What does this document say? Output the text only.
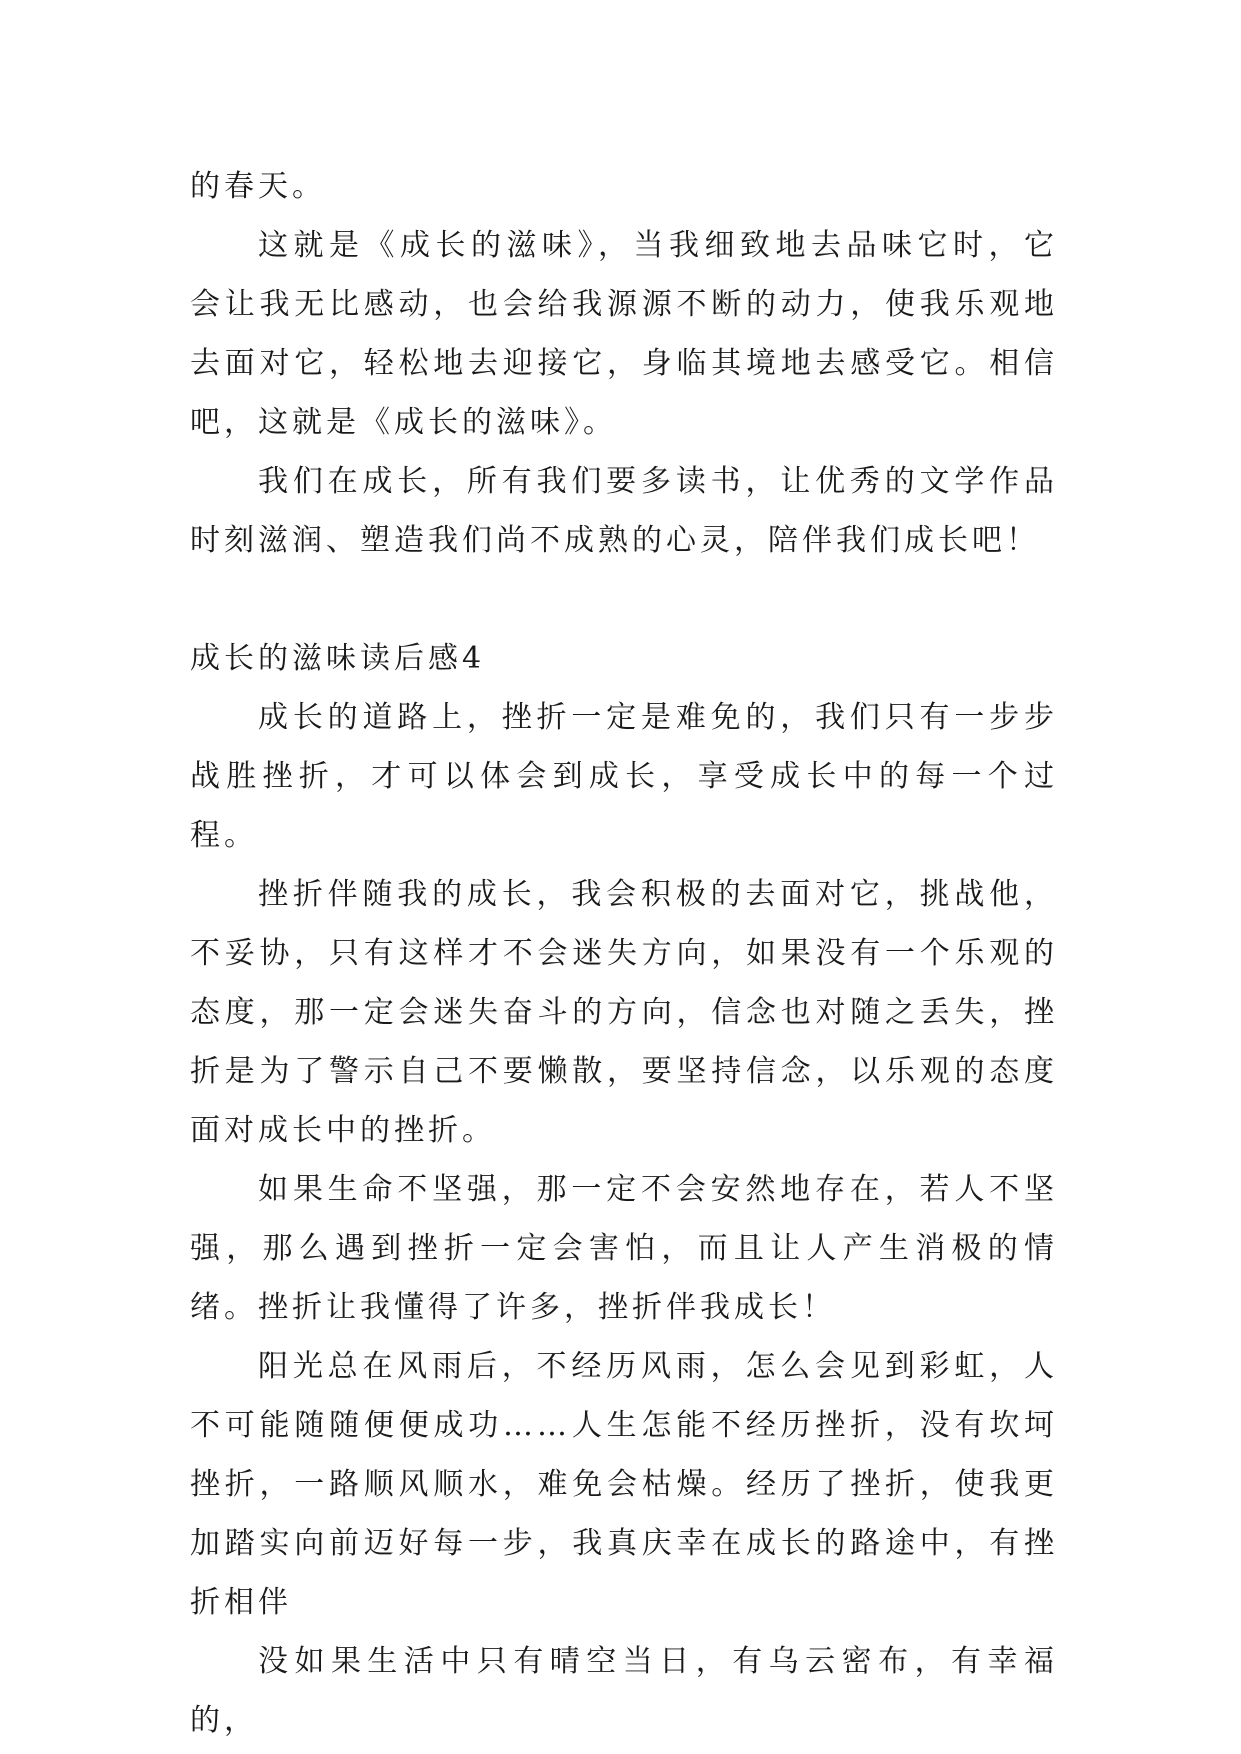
的春天。

这就是《成长的滋味》，当我细致地去品味它时，它会让我无比感动，也会给我源源不断的动力，使我乐观地去面对它，轻松地去迎接它，身临其境地去感受它。相信吧，这就是《成长的滋味》。

我们在成长，所有我们要多读书，让优秀的文学作品时刻滋润、塑造我们尚不成熟的心灵，陪伴我们成长吧！

成长的滋味读后感4

成长的道路上，挫折一定是难免的，我们只有一步步战胜挫折，才可以体会到成长，享受成长中的每一个过程。

挫折伴随我的成长，我会积极的去面对它，挑战他，不妥协，只有这样才不会迷失方向，如果没有一个乐观的态度，那一定会迷失奋斗的方向，信念也对随之丢失，挫折是为了警示自己不要懒散，要坚持信念，以乐观的态度面对成长中的挫折。

如果生命不坚强，那一定不会安然地存在，若人不坚强，那么遇到挫折一定会害怕，而且让人产生消极的情绪。挫折让我懂得了许多，挫折伴我成长！

阳光总在风雨后，不经历风雨，怎么会见到彩虹，人不可能随随便便成功……人生怎能不经历挫折，没有坎坷挫折，一路顺风顺水，难免会枯燥。经历了挫折，使我更加踏实向前迈好每一步，我真庆幸在成长的路途中，有挫折相伴

没如果生活中只有晴空当日，有乌云密布，有幸福的，
